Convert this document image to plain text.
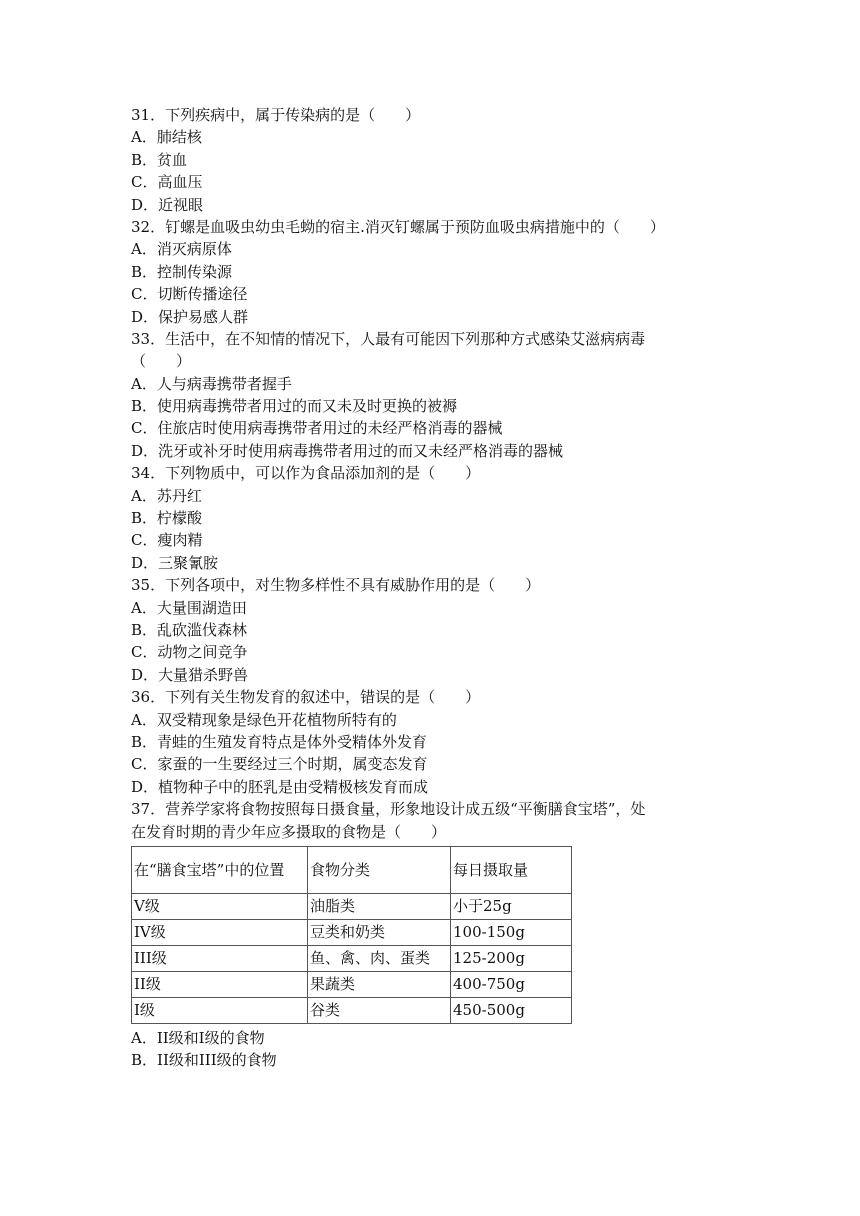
31．下列疾病中，属于传染病的是（　　）
A．肺结核
B．贫血
C．高血压
D．近视眼
32．钉螺是血吸虫幼虫毛蚴的宿主.消灭钉螺属于预防血吸虫病措施中的（　　）
A．消灭病原体
B．控制传染源
C．切断传播途径
D．保护易感人群
33．生活中，在不知情的情况下，人最有可能因下列那种方式感染艾滋病病毒
（　　）
A．人与病毒携带者握手
B．使用病毒携带者用过的而又未及时更换的被褥
C．住旅店时使用病毒携带者用过的未经严格消毒的器械
D．洗牙或补牙时使用病毒携带者用过的而又未经严格消毒的器械
34．下列物质中，可以作为食品添加剂的是（　　）
A．苏丹红
B．柠檬酸
C．瘦肉精
D．三聚氰胺
35．下列各项中，对生物多样性不具有威胁作用的是（　　）
A．大量围湖造田
B．乱砍滥伐森林
C．动物之间竞争
D．大量猎杀野兽
36．下列有关生物发育的叙述中，错误的是（　　）
A．双受精现象是绿色开花植物所特有的
B．青蛙的生殖发育特点是体外受精体外发育
C．家蚕的一生要经过三个时期，属变态发育
D．植物种子中的胚乳是由受精极核发育而成
37．营养学家将食物按照每日摄食量，形象地设计成五级“平衡膳食宝塔”，处
在发育时期的青少年应多摄取的食物是（　　）
在“膳食宝塔”中的位置	食物分类	每日摄取量
V级	油脂类	小于25g
IV级	豆类和奶类	100-150g
III级	鱼、禽、肉、蛋类	125-200g
II级	果蔬类	400-750g
I级	谷类	450-500g
A．II级和I级的食物
B．II级和III级的食物
